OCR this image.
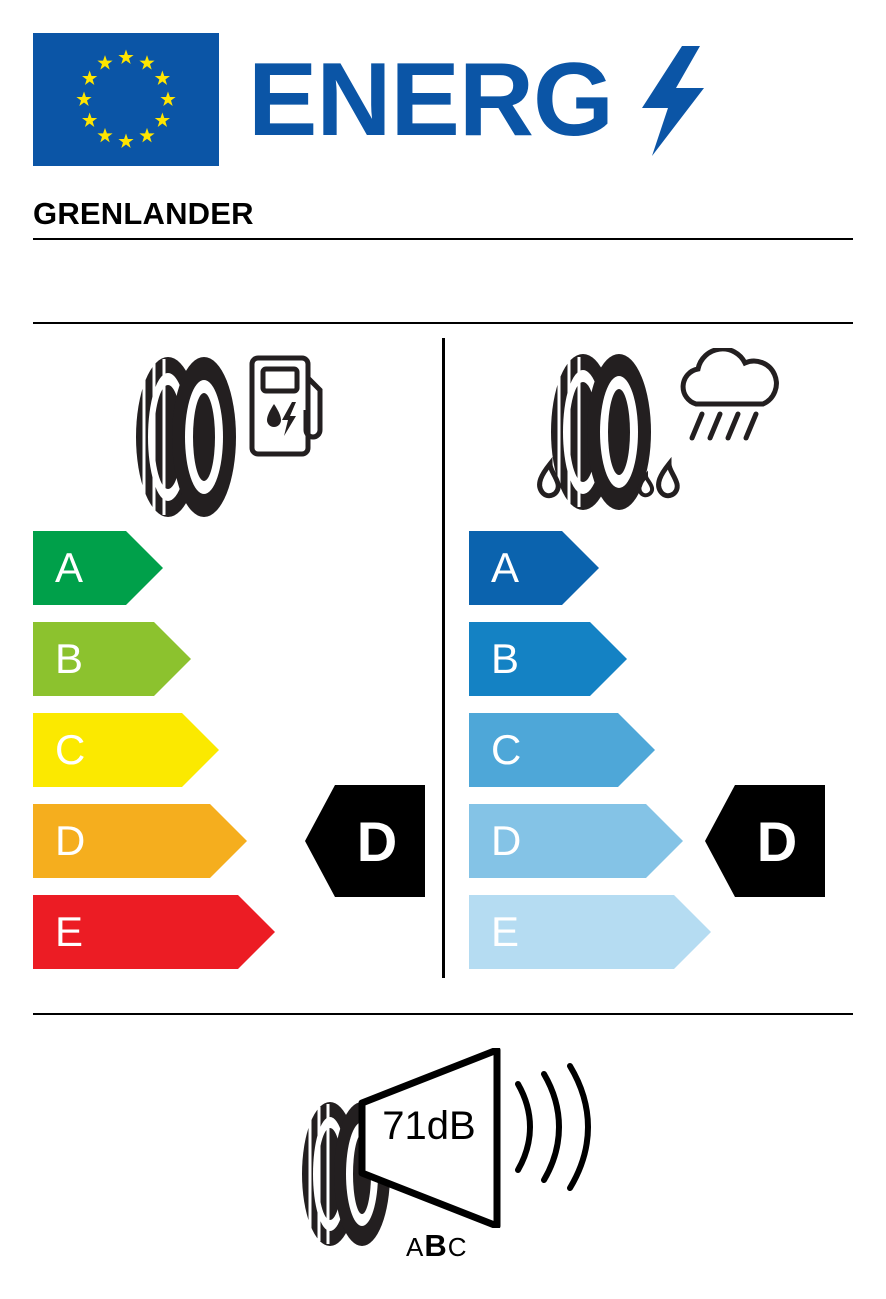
ENERG
GRENLANDER
A
B
C
D
E
D
A
B
C
D
E
D
71dB
ABC
